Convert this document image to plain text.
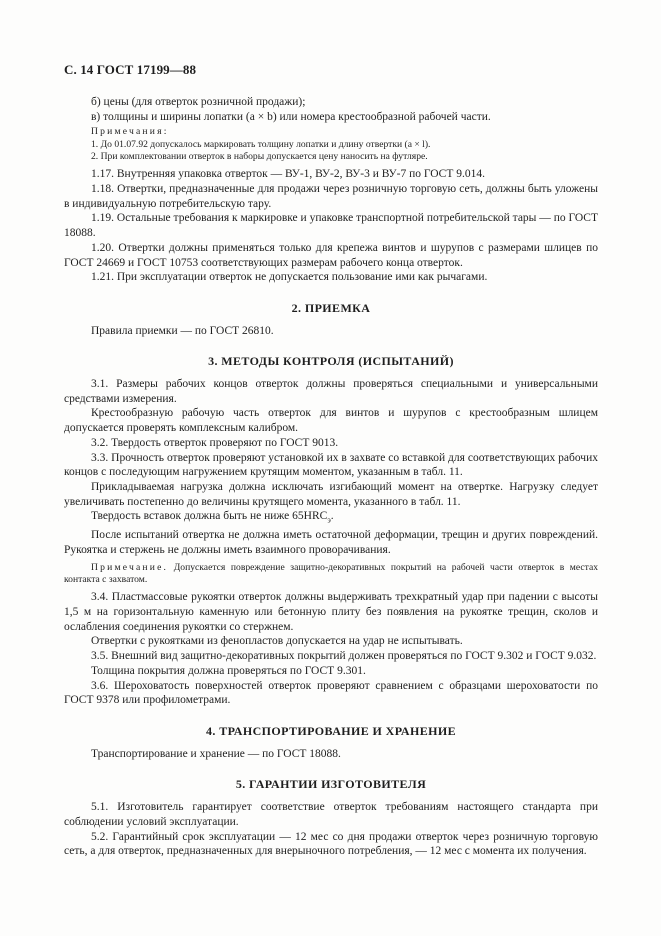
С. 14 ГОСТ 17199—88

б) цены (для отверток розничной продажи);

в) толщины и ширины лопатки (a × b) или номера крестообразной рабочей части.

Примечания:

1. До 01.07.92 допускалось маркировать толщину лопатки и длину отвертки (a × l).

2. При комплектовании отверток в наборы допускается цену наносить на футляре.

1.17. Внутренняя упаковка отверток — ВУ-1, ВУ-2, ВУ-3 и ВУ-7 по ГОСТ 9.014.

1.18. Отвертки, предназначенные для продажи через розничную торговую сеть, должны быть уложены в индивидуальную потребительскую тару.

1.19. Остальные требования к маркировке и упаковке транспортной потребительской тары — по ГОСТ 18088.

1.20. Отвертки должны применяться только для крепежа винтов и шурупов с размерами шлицев по ГОСТ 24669 и ГОСТ 10753 соответствующих размерам рабочего конца отверток.

1.21. При эксплуатации отверток не допускается пользование ими как рычагами.

2. ПРИЕМКА

Правила приемки — по ГОСТ 26810.

3. МЕТОДЫ КОНТРОЛЯ (ИСПЫТАНИЙ)

3.1. Размеры рабочих концов отверток должны проверяться специальными и универсальными средствами измерения.

Крестообразную рабочую часть отверток для винтов и шурупов с крестообразным шлицем допускается проверять комплексным калибром.

3.2. Твердость отверток проверяют по ГОСТ 9013.

3.3. Прочность отверток проверяют установкой их в захвате со вставкой для соответствующих рабочих концов с последующим нагружением крутящим моментом, указанным в табл. 11.

Прикладываемая нагрузка должна исключать изгибающий момент на отвертке. Нагрузку следует увеличивать постепенно до величины крутящего момента, указанного в табл. 11.

Твердость вставок должна быть не ниже $65HRC_э$.

После испытаний отвертка не должна иметь остаточной деформации, трещин и других повреждений. Рукоятка и стержень не должны иметь взаимного проворачивания.

Примечание. Допускается повреждение защитно-декоративных покрытий на рабочей части отверток в местах контакта с захватом.

3.4. Пластмассовые рукоятки отверток должны выдерживать трехкратный удар при падении с высоты 1,5 м на горизонтальную каменную или бетонную плиту без появления на рукоятке трещин, сколов и ослабления соединения рукоятки со стержнем.

Отвертки с рукоятками из фенопластов допускается на удар не испытывать.

3.5. Внешний вид защитно-декоративных покрытий должен проверяться по ГОСТ 9.302 и ГОСТ 9.032.

Толщина покрытия должна проверяться по ГОСТ 9.301.

3.6. Шероховатость поверхностей отверток проверяют сравнением с образцами шероховатости по ГОСТ 9378 или профилометрами.

4. ТРАНСПОРТИРОВАНИЕ И ХРАНЕНИЕ

Транспортирование и хранение — по ГОСТ 18088.

5. ГАРАНТИИ ИЗГОТОВИТЕЛЯ

5.1. Изготовитель гарантирует соответствие отверток требованиям настоящего стандарта при соблюдении условий эксплуатации.

5.2. Гарантийный срок эксплуатации — 12 мес со дня продажи отверток через розничную торговую сеть, а для отверток, предназначенных для внерыночного потребления, — 12 мес с момента их получения.
